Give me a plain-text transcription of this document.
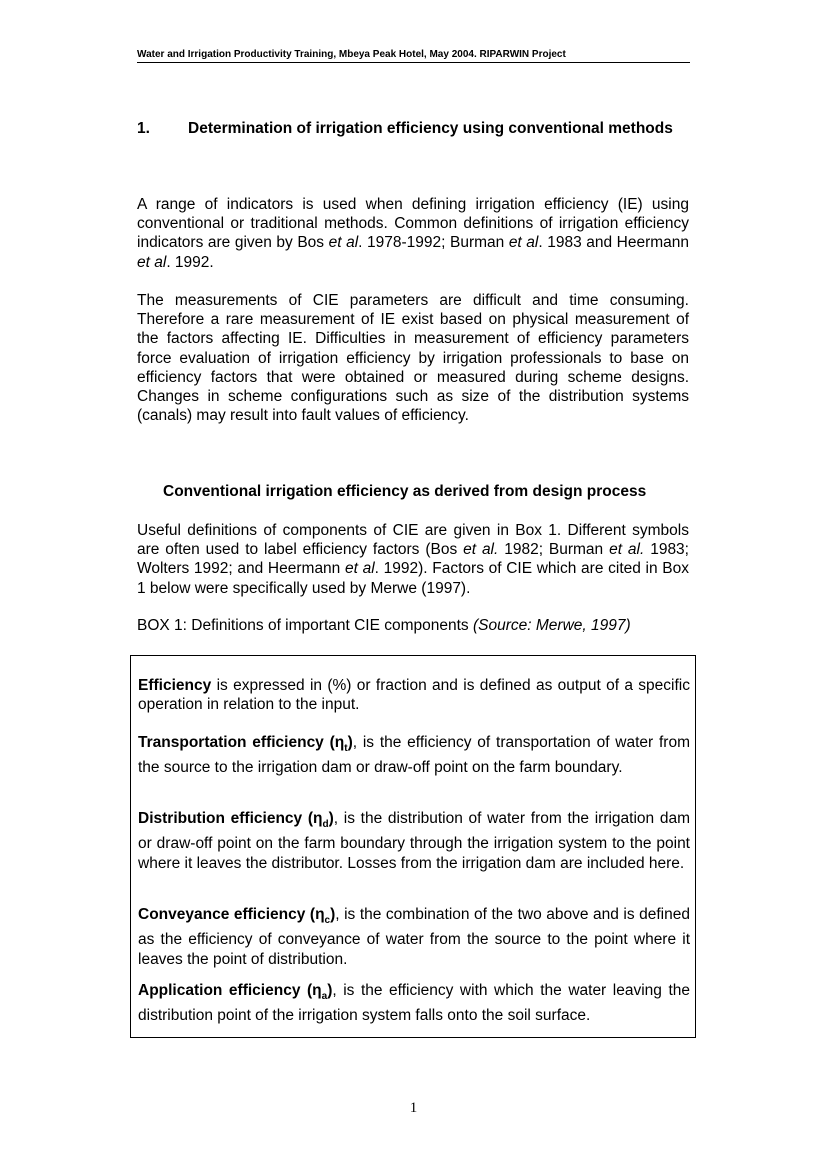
Water and Irrigation Productivity Training, Mbeya Peak Hotel, May 2004. RIPARWIN Project
1.	Determination of irrigation efficiency using conventional methods

A range of indicators is used when defining irrigation efficiency (IE) using conventional or traditional methods. Common definitions of irrigation efficiency indicators are given by Bos et al. 1978-1992; Burman et al. 1983 and Heermann et al. 1992.

The measurements of CIE parameters are difficult and time consuming. Therefore a rare measurement of IE exist based on physical measurement of the factors affecting IE. Difficulties in measurement of efficiency parameters force evaluation of irrigation efficiency by irrigation professionals to base on efficiency factors that were obtained or measured during scheme designs. Changes in scheme configurations such as size of the distribution systems (canals) may result into fault values of efficiency.

Conventional irrigation efficiency as derived from design process

Useful definitions of components of CIE are given in Box 1. Different symbols are often used to label efficiency factors (Bos et al. 1982; Burman et al. 1983; Wolters 1992; and Heermann et al. 1992). Factors of CIE which are cited in Box 1 below were specifically used by Merwe (1997).

BOX 1: Definitions of important CIE components (Source: Merwe, 1997)

Efficiency is expressed in (%) or fraction and is defined as output of a specific operation in relation to the input.

Transportation efficiency $(\eta_t)$, is the efficiency of transportation of water from the source to the irrigation dam or draw-off point on the farm boundary.

Distribution efficiency $(\eta_d)$, is the distribution of water from the irrigation dam or draw-off point on the farm boundary through the irrigation system to the point where it leaves the distributor. Losses from the irrigation dam are included here.

Conveyance efficiency $(\eta_c)$, is the combination of the two above and is defined as the efficiency of conveyance of water from the source to the point where it leaves the point of distribution.

Application efficiency $(\eta_a)$, is the efficiency with which the water leaving the distribution point of the irrigation system falls onto the soil surface.

1
